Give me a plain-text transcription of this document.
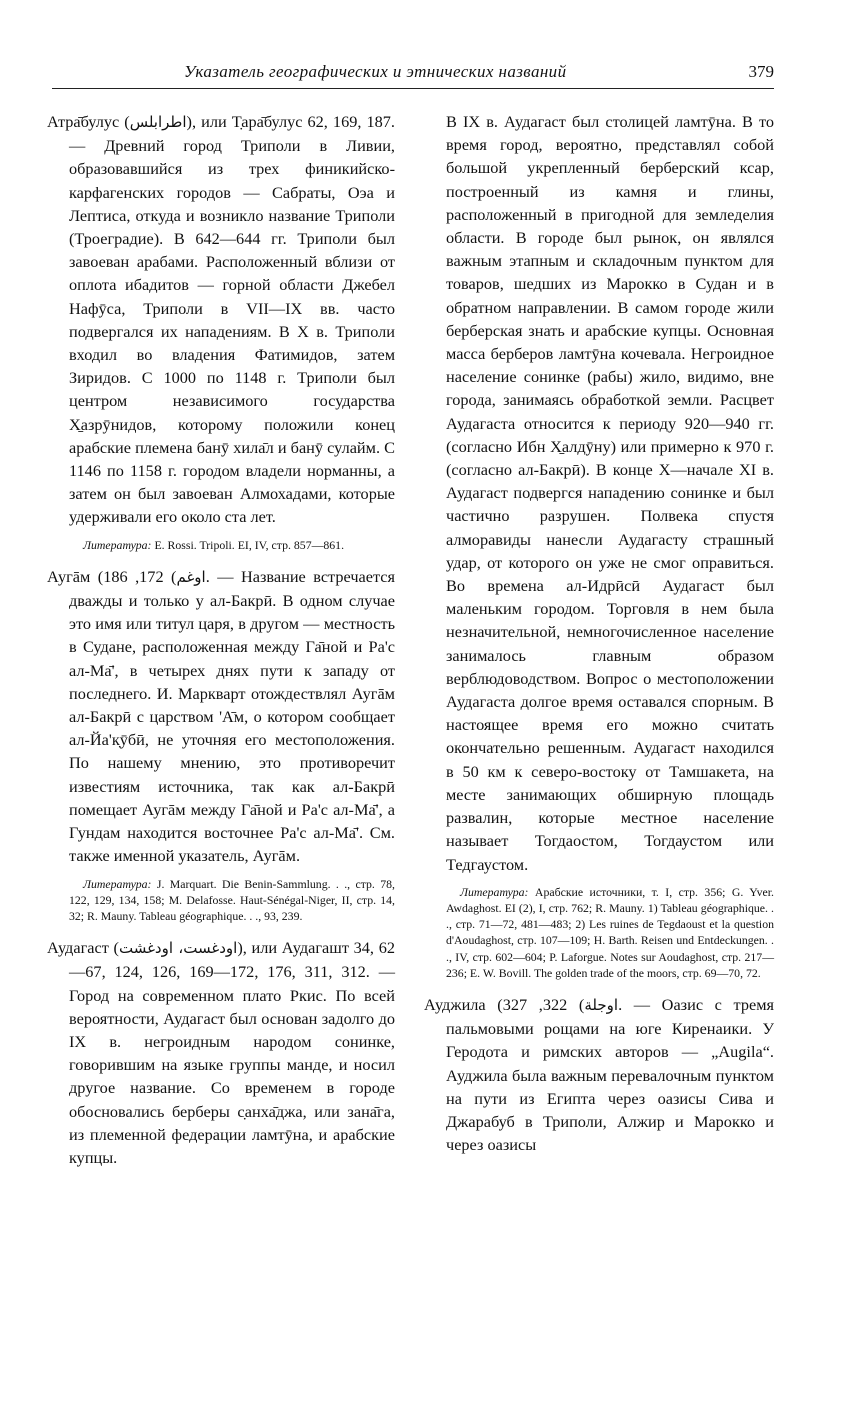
Указатель географических и этнических названий	379

Атра̄булус (اطرابلس), или Т̣ара̄булус 62, 169, 187. — Древний город Триполи в Ливии, образовавшийся из трех финикийско-карфагенских городов — Сабраты, Оэа и Лептиса, откуда и возникло название Триполи (Троеградие). В 642—644 гг. Триполи был завоеван арабами. Расположенный вблизи от оплота ибадитов — горной области Джебел Нафӯса, Триполи в VII—IX вв. часто подвергался их нападениям. В X в. Триполи входил во владения Фатимидов, затем Зиридов. С 1000 по 1148 г. Триполи был центром независимого государства Х̱азрӯнидов, которому положили конец арабские племена банӯ хила̄л и банӯ сулайм. С 1146 по 1158 г. городом владели норманны, а затем он был завоеван Алмохадами, которые удерживали его около ста лет.

Литература: E. Rossi. Tripoli. EI, IV, стр. 857—861.

Аугāм (	اوغم) 172, 186. — Название встречается дважды и только у ал-Бакрӣ. В одном случае это имя или титул царя, в другом — местность в Судане, расположенная между Га̄ной и Ра'с ал-Ма̄', в четырех днях пути к западу от последнего. И. Маркварт отождествлял Аугāм ал-Бакрӣ с царством 'А̄м, о котором сообщает ал-Йа'к̣ӯбӣ, не уточняя его местоположения. По нашему мнению, это противоречит известиям источника, так как ал-Бакрӣ помещает Аугāм между Га̄ной и Ра'с ал-Ма̄', а Гундам находится восточнее Ра'с ал-Ма̄'. См. также именной указатель, Аугāм.

Литература: J. Marquart. Die Benin-Sammlung. . ., стр. 78, 122, 129, 134, 158; M. Delafosse. Haut-Sénégal-Niger, II, стр. 14, 32; R. Mauny. Tableau géographique. . ., 93, 239.

Аудагаст (اودغست، اودغشت), или Аудагашт 34, 62—67, 124, 126, 169—172, 176, 311, 312. — Город на современном плато Ркис. По всей вероятности, Аудагаст был основан задолго до IX в. негроидным народом сонинке, говорившим на языке группы манде, и носил другое название. Со временем в городе обосновались берберы с̣анха̄джа, или зана̄га, из племенной федерации ламтӯна, и арабские купцы.

В IX в. Аудагаст был столицей ламтӯна. В то время город, вероятно, представлял собой большой укрепленный берберский ксар, построенный из камня и глины, расположенный в пригодной для земледелия области. В городе был рынок, он являлся важным этапным и складочным пунктом для товаров, шедших из Марокко в Судан и в обратном направлении. В самом городе жили берберская знать и арабские купцы. Основная масса берберов ламтӯна кочевала. Негроидное население сонинке (рабы) жило, видимо, вне города, занимаясь обработкой земли. Расцвет Аудагаста относится к периоду 920—940 гг. (согласно Ибн Х̱алдӯну) или примерно к 970 г. (согласно ал-Бакрӣ). В конце X—начале XI в. Аудагаст подвергся нападению сонинке и был частично разрушен. Полвека спустя алморавиды нанесли Аудагасту страшный удар, от которого он уже не смог оправиться. Во времена ал-Идрӣсӣ Аудагаст был маленьким городом. Торговля в нем была незначительной, немногочисленное население занималось главным образом верблюдоводством. Вопрос о местоположении Аудагаста долгое время оставался спорным. В настоящее время его можно считать окончательно решенным. Аудагаст находился в 50 км к северо-востоку от Тамшакета, на месте занимающих обширную площадь развалин, которые местное население называет Тогдаостом, Тогдаустом или Тедгаустом.

Литература: Арабские источники, т. I, стр. 356; G. Yver. Awdaghost. EI (2), I, стр. 762; R. Mauny. 1) Tableau géographique. . ., стр. 71—72, 481—483; 2) Les ruines de Tegdaoust et la question d'Aoudaghost, стр. 107—109; H. Barth. Reisen und Entdeckungen. . ., IV, стр. 602—604; P. Laforgue. Notes sur Aoudaghost, стр. 217—236; E. W. Bovill. The golden trade of the moors, стр. 69—70, 72.

Ауджила (	اوجلة) 322, 327. — Оазис с тремя пальмовыми рощами на юге Киренаики. У Геродота и римских авторов — „Augila“. Ауджила была важным перевалочным пунктом на пути из Египта через оазисы Сива и Джарабуб в Триполи, Алжир и Марокко и через оазисы
